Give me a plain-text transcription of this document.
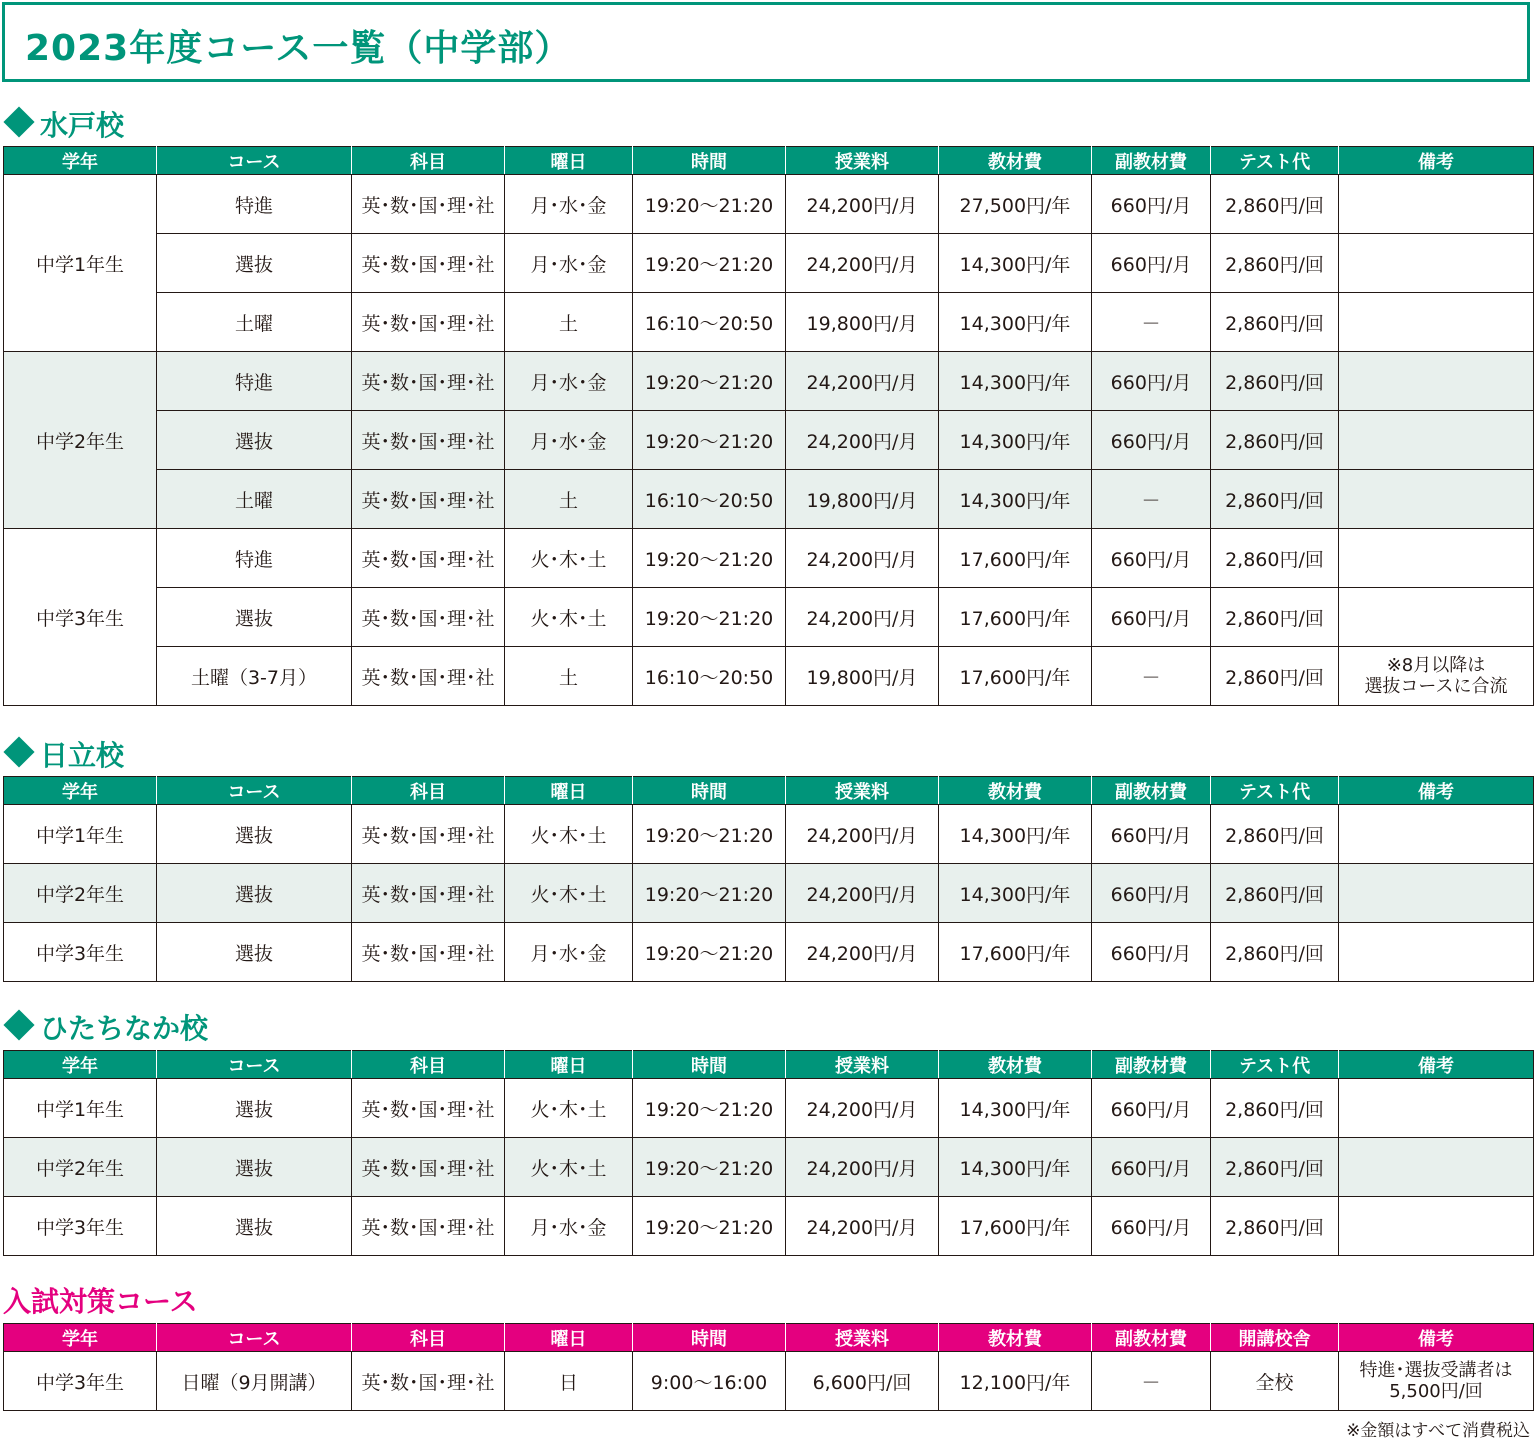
2023年度コース一覧（中学部）
水戸校
学年	コース	科目	曜日	時間	授業料	教材費	副教材費	テスト代	備考
中学1年生	特進	英･数･国･理･社	月･水･金	19:20～21:20	24,200円/月	27,500円/年	660円/月	2,860円/回	
	選抜	英･数･国･理･社	月･水･金	19:20～21:20	24,200円/月	14,300円/年	660円/月	2,860円/回	
	土曜	英･数･国･理･社	土	16:10～20:50	19,800円/月	14,300円/年	－	2,860円/回	
中学2年生	特進	英･数･国･理･社	月･水･金	19:20～21:20	24,200円/月	14,300円/年	660円/月	2,860円/回	
	選抜	英･数･国･理･社	月･水･金	19:20～21:20	24,200円/月	14,300円/年	660円/月	2,860円/回	
	土曜	英･数･国･理･社	土	16:10～20:50	19,800円/月	14,300円/年	－	2,860円/回	
中学3年生	特進	英･数･国･理･社	火･木･土	19:20～21:20	24,200円/月	17,600円/年	660円/月	2,860円/回	
	選抜	英･数･国･理･社	火･木･土	19:20～21:20	24,200円/月	17,600円/年	660円/月	2,860円/回	
	土曜（3-7月）	英･数･国･理･社	土	16:10～20:50	19,800円/月	17,600円/年	－	2,860円/回	※8月以降は
選抜コースに合流
日立校
学年	コース	科目	曜日	時間	授業料	教材費	副教材費	テスト代	備考
中学1年生	選抜	英･数･国･理･社	火･木･土	19:20～21:20	24,200円/月	14,300円/年	660円/月	2,860円/回	
中学2年生	選抜	英･数･国･理･社	火･木･土	19:20～21:20	24,200円/月	14,300円/年	660円/月	2,860円/回	
中学3年生	選抜	英･数･国･理･社	月･水･金	19:20～21:20	24,200円/月	17,600円/年	660円/月	2,860円/回	
ひたちなか校
学年	コース	科目	曜日	時間	授業料	教材費	副教材費	テスト代	備考
中学1年生	選抜	英･数･国･理･社	火･木･土	19:20～21:20	24,200円/月	14,300円/年	660円/月	2,860円/回	
中学2年生	選抜	英･数･国･理･社	火･木･土	19:20～21:20	24,200円/月	14,300円/年	660円/月	2,860円/回	
中学3年生	選抜	英･数･国･理･社	月･水･金	19:20～21:20	24,200円/月	17,600円/年	660円/月	2,860円/回	
入試対策コース
学年	コース	科目	曜日	時間	授業料	教材費	副教材費	開講校舎	備考
中学3年生	日曜（9月開講）	英･数･国･理･社	日	9:00～16:00	6,600円/回	12,100円/年	－	全校	特進･選抜受講者は
5,500円/回
※金額はすべて消費税込
